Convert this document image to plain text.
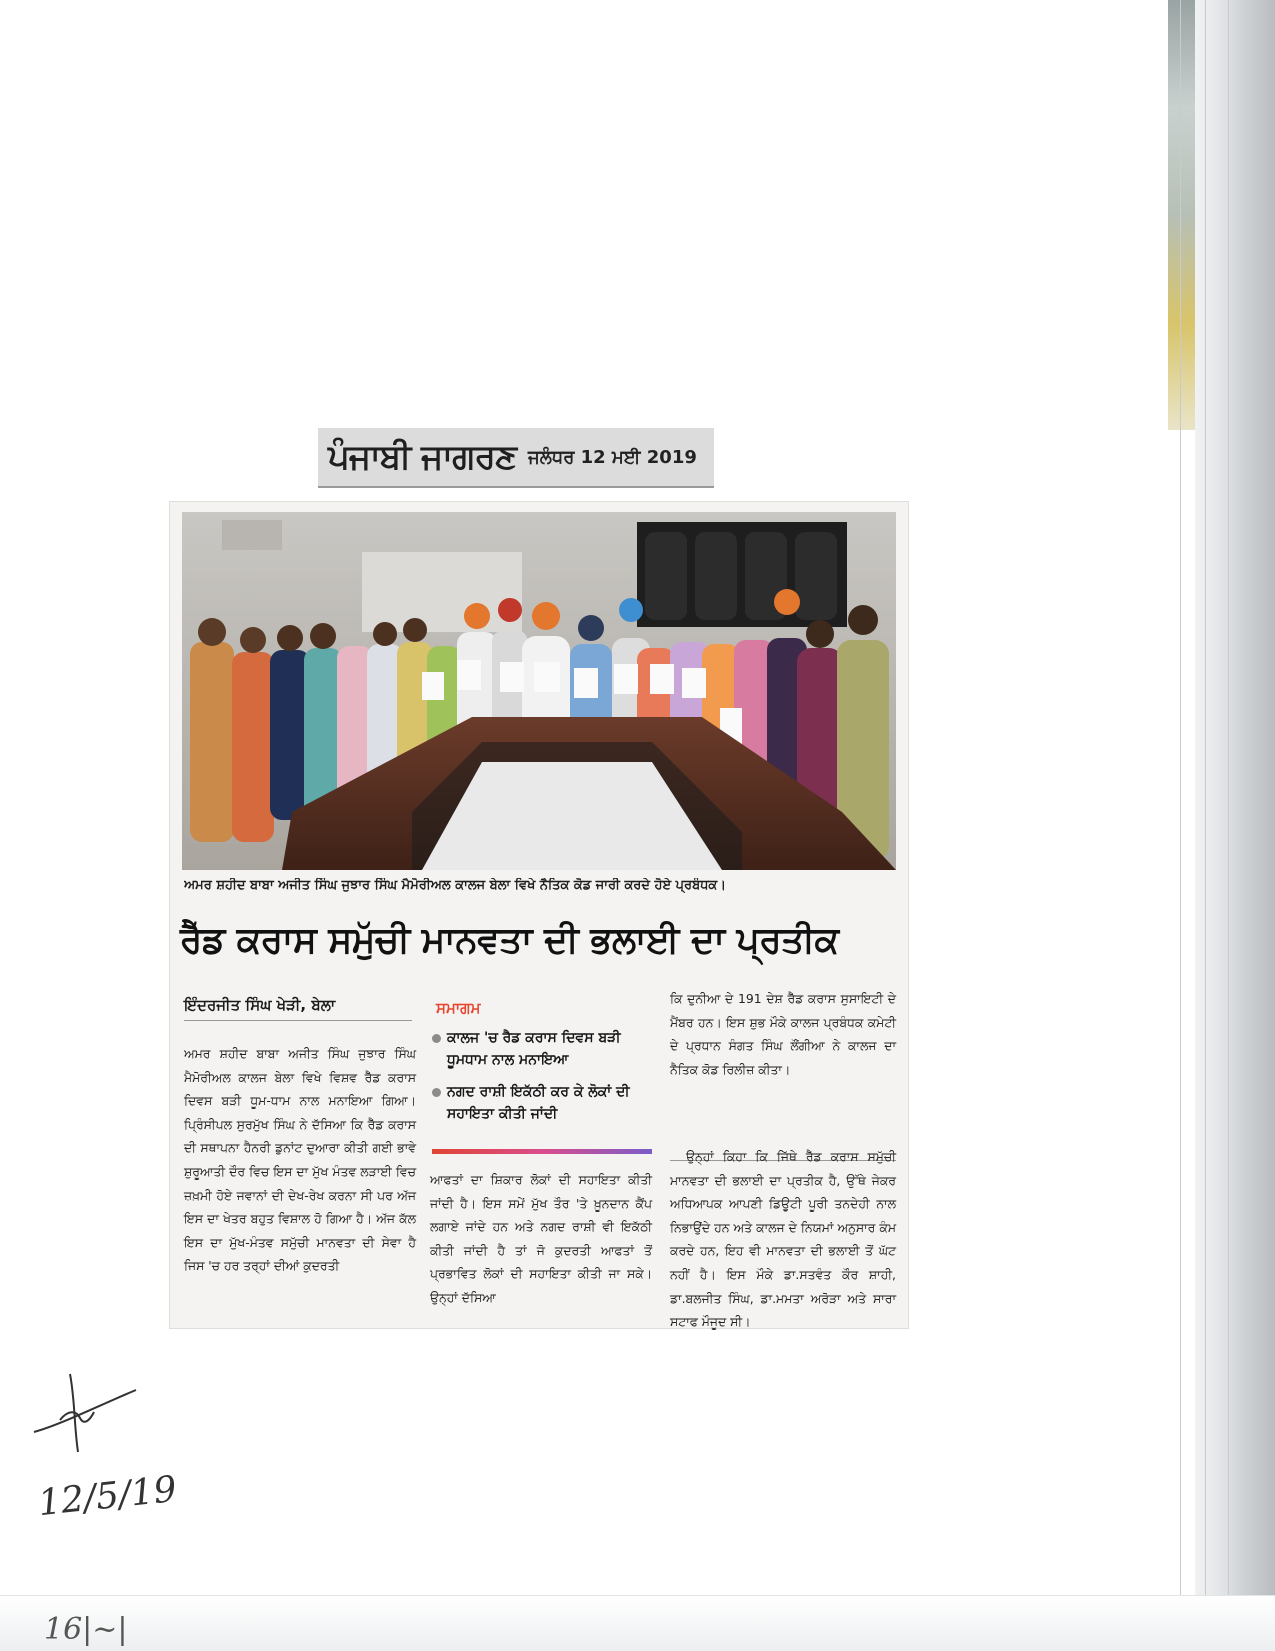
ਪੰਜਾਬੀ ਜਾਗਰਣ ਜਲੰਧਰ 12 ਮਈ 2019
ਅਮਰ ਸ਼ਹੀਦ ਬਾਬਾ ਅਜੀਤ ਸਿੰਘ ਜੁਝਾਰ ਸਿੰਘ ਮੈਮੋਰੀਅਲ ਕਾਲਜ ਬੇਲਾ ਵਿਖੇ ਨੈਤਿਕ ਕੋਡ ਜਾਰੀ ਕਰਦੇ ਹੋਏ ਪ੍ਰਬੰਧਕ।
ਰੈੱਡ ਕਰਾਸ ਸਮੁੱਚੀ ਮਾਨਵਤਾ ਦੀ ਭਲਾਈ ਦਾ ਪ੍ਰਤੀਕ
ਇੰਦਰਜੀਤ ਸਿੰਘ ਖੇੜੀ, ਬੇਲਾ	ਸਮਾਗਮ
ਕਾਲਜ 'ਚ ਰੈਡ ਕਰਾਸ ਦਿਵਸ ਬੜੀ ਧੂਮਧਾਮ ਨਾਲ ਮਨਾਇਆ
ਨਗਦ ਰਾਸ਼ੀ ਇਕੱਠੀ ਕਰ ਕੇ ਲੋਕਾਂ ਦੀ ਸਹਾਇਤਾ ਕੀਤੀ ਜਾਂਦੀ
ਅਮਰ ਸ਼ਹੀਦ ਬਾਬਾ ਅਜੀਤ ਸਿੰਘ ਜੁਝਾਰ ਸਿੰਘ ਮੈਮੋਰੀਅਲ ਕਾਲਜ ਬੇਲਾ ਵਿਖੇ ਵਿਸ਼ਵ ਰੈੱਡ ਕਰਾਸ ਦਿਵਸ ਬੜੀ ਧੂਮ-ਧਾਮ ਨਾਲ ਮਨਾਇਆ ਗਿਆ। ਪ੍ਰਿੰਸੀਪਲ ਸੁਰਮੁੱਖ ਸਿੰਘ ਨੇ ਦੱਸਿਆ ਕਿ ਰੈੱਡ ਕਰਾਸ ਦੀ ਸਥਾਪਨਾ ਹੈਨਰੀ ਡੁਨਾਂਟ ਦੁਆਰਾ ਕੀਤੀ ਗਈ ਭਾਵੇ ਸ਼ੁਰੂਆਤੀ ਦੌਰ ਵਿਚ ਇਸ ਦਾ ਮੁੱਖ ਮੰਤਵ ਲੜਾਈ ਵਿਚ ਜ਼ਖ਼ਮੀ ਹੋਏ ਜਵਾਨਾਂ ਦੀ ਦੇਖ-ਰੇਖ ਕਰਨਾ ਸੀ ਪਰ ਅੱਜ ਇਸ ਦਾ ਖੇਤਰ ਬਹੁਤ ਵਿਸ਼ਾਲ ਹੋ ਗਿਆ ਹੈ। ਅੱਜ ਕੱਲ ਇਸ ਦਾ ਮੁੱਖ-ਮੰਤਵ ਸਮੁੱਚੀ ਮਾਨਵਤਾ ਦੀ ਸੇਵਾ ਹੈ ਜਿਸ 'ਚ ਹਰ ਤਰ੍ਹਾਂ ਦੀਆਂ ਕੁਦਰਤੀ
ਆਫਤਾਂ ਦਾ ਸ਼ਿਕਾਰ ਲੋਕਾਂ ਦੀ ਸਹਾਇਤਾ ਕੀਤੀ ਜਾਂਦੀ ਹੈ। ਇਸ ਸਮੇਂ ਮੁੱਖ ਤੌਰ 'ਤੇ ਖ਼ੂਨਦਾਨ ਕੈਂਪ ਲਗਾਏ ਜਾਂਦੇ ਹਨ ਅਤੇ ਨਗਦ ਰਾਸ਼ੀ ਵੀ ਇਕੱਠੀ ਕੀਤੀ ਜਾਂਦੀ ਹੈ ਤਾਂ ਜੋ ਕੁਦਰਤੀ ਆਫਤਾਂ ਤੋਂ ਪ੍ਰਭਾਵਿਤ ਲੋਕਾਂ ਦੀ ਸਹਾਇਤਾ ਕੀਤੀ ਜਾ ਸਕੇ। ਉਨ੍ਹਾਂ ਦੱਸਿਆ
ਕਿ ਦੁਨੀਆ ਦੇ 191 ਦੇਸ਼ ਰੈੱਡ ਕਰਾਸ ਸੁਸਾਇਟੀ ਦੇ ਮੈਂਬਰ ਹਨ। ਇਸ ਸ਼ੁਭ ਮੌਕੇ ਕਾਲਜ ਪ੍ਰਬੰਧਕ ਕਮੇਟੀ ਦੇ ਪ੍ਰਧਾਨ ਸੰਗਤ ਸਿੰਘ ਲੌਂਗੀਆ ਨੇ ਕਾਲਜ ਦਾ ਨੈਤਿਕ ਕੋਡ ਰਿਲੀਜ਼ ਕੀਤਾ।
ਉਨ੍ਹਾਂ ਕਿਹਾ ਕਿ ਜਿੱਥੇ ਰੈੱਡ ਕਰਾਸ ਸਮੁੱਚੀ ਮਾਨਵਤਾ ਦੀ ਭਲਾਈ ਦਾ ਪ੍ਰਤੀਕ ਹੈ, ਉੱਥੇ ਜੇਕਰ ਅਧਿਆਪਕ ਆਪਣੀ ਡਿਊਟੀ ਪੂਰੀ ਤਨਦੇਹੀ ਨਾਲ ਨਿਭਾਉਂਦੇ ਹਨ ਅਤੇ ਕਾਲਜ ਦੇ ਨਿਯਮਾਂ ਅਨੁਸਾਰ ਕੰਮ ਕਰਦੇ ਹਨ, ਇਹ ਵੀ ਮਾਨਵਤਾ ਦੀ ਭਲਾਈ ਤੋਂ ਘੱਟ ਨਹੀਂ ਹੈ। ਇਸ ਮੌਕੇ ਡਾ.ਸਤਵੰਤ ਕੌਰ ਸ਼ਾਹੀ, ਡਾ.ਬਲਜੀਤ ਸਿੰਘ, ਡਾ.ਮਮਤਾ ਅਰੋੜਾ ਅਤੇ ਸਾਰਾ ਸਟਾਫ ਮੌਜੂਦ ਸੀ।
12/5/19
16|~|
